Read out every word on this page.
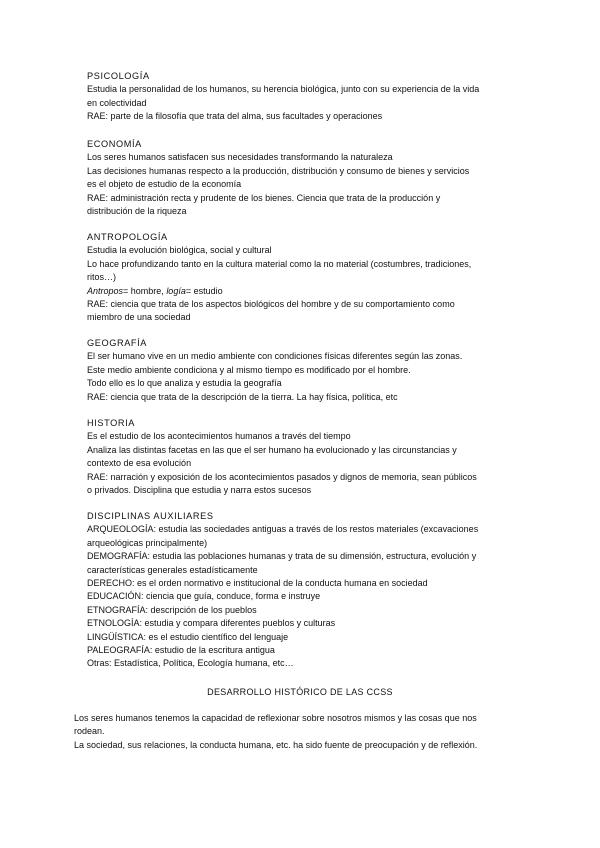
PSICOLOGÍA
Estudia la personalidad de los humanos, su herencia biológica, junto con su experiencia de la vida
en colectividad
RAE: parte de la filosofía que trata del alma, sus facultades y operaciones
ECONOMÍA
Los seres humanos satisfacen sus necesidades transformando la naturaleza
Las decisiones humanas respecto a la producción, distribución y consumo de bienes y servicios
es el objeto de estudio de la economía
RAE: administración recta y prudente de los bienes. Ciencia que trata de la producción y
distribución de la riqueza
ANTROPOLOGÍA
Estudia la evolución biológica, social y cultural
Lo hace profundizando tanto en la cultura material como la no material (costumbres, tradiciones,
ritos…)
Antropos= hombre, logía= estudio
RAE: ciencia que trata de los aspectos biológicos del hombre y de su comportamiento como
miembro de una sociedad
GEOGRAFÍA
El ser humano vive en un medio ambiente con condiciones físicas diferentes según las zonas.
Este medio ambiente condiciona y al mismo tiempo es modificado por el hombre.
Todo ello es lo que analiza y estudia la geografía
RAE: ciencia que trata de la descripción de la tierra. La hay física, política, etc
HISTORIA
Es el estudio de los acontecimientos humanos a través del tiempo
Analiza las distintas facetas en las que el ser humano ha evolucionado y las circunstancias y
contexto de esa evolución
RAE: narración y exposición de los acontecimientos pasados y dignos de memoria, sean públicos
o privados. Disciplina que estudia y narra estos sucesos
DISCIPLINAS AUXILIARES
ARQUEOLOGÍA: estudia las sociedades antiguas a través de los restos materiales (excavaciones
arqueológicas principalmente)
DEMOGRAFÍA: estudia las poblaciones humanas y trata de su dimensión, estructura, evolución y
características generales estadísticamente
DERECHO: es el orden normativo e institucional de la conducta humana en sociedad
EDUCACIÓN: ciencia que guía, conduce, forma e instruye
ETNOGRAFÍA: descripción de los pueblos
ETNOLOGÍA: estudia y compara diferentes pueblos y culturas
LINGÜÍSTICA: es el estudio científico del lenguaje
PALEOGRAFÍA: estudio de la escritura antigua
Otras: Estadística, Política, Ecología humana, etc…
DESARROLLO HISTÓRICO DE LAS CCSS
Los seres humanos tenemos la capacidad de reflexionar sobre nosotros mismos y las cosas que nos
rodean.
La sociedad, sus relaciones, la conducta humana, etc. ha sido fuente de preocupación y de reflexión.
